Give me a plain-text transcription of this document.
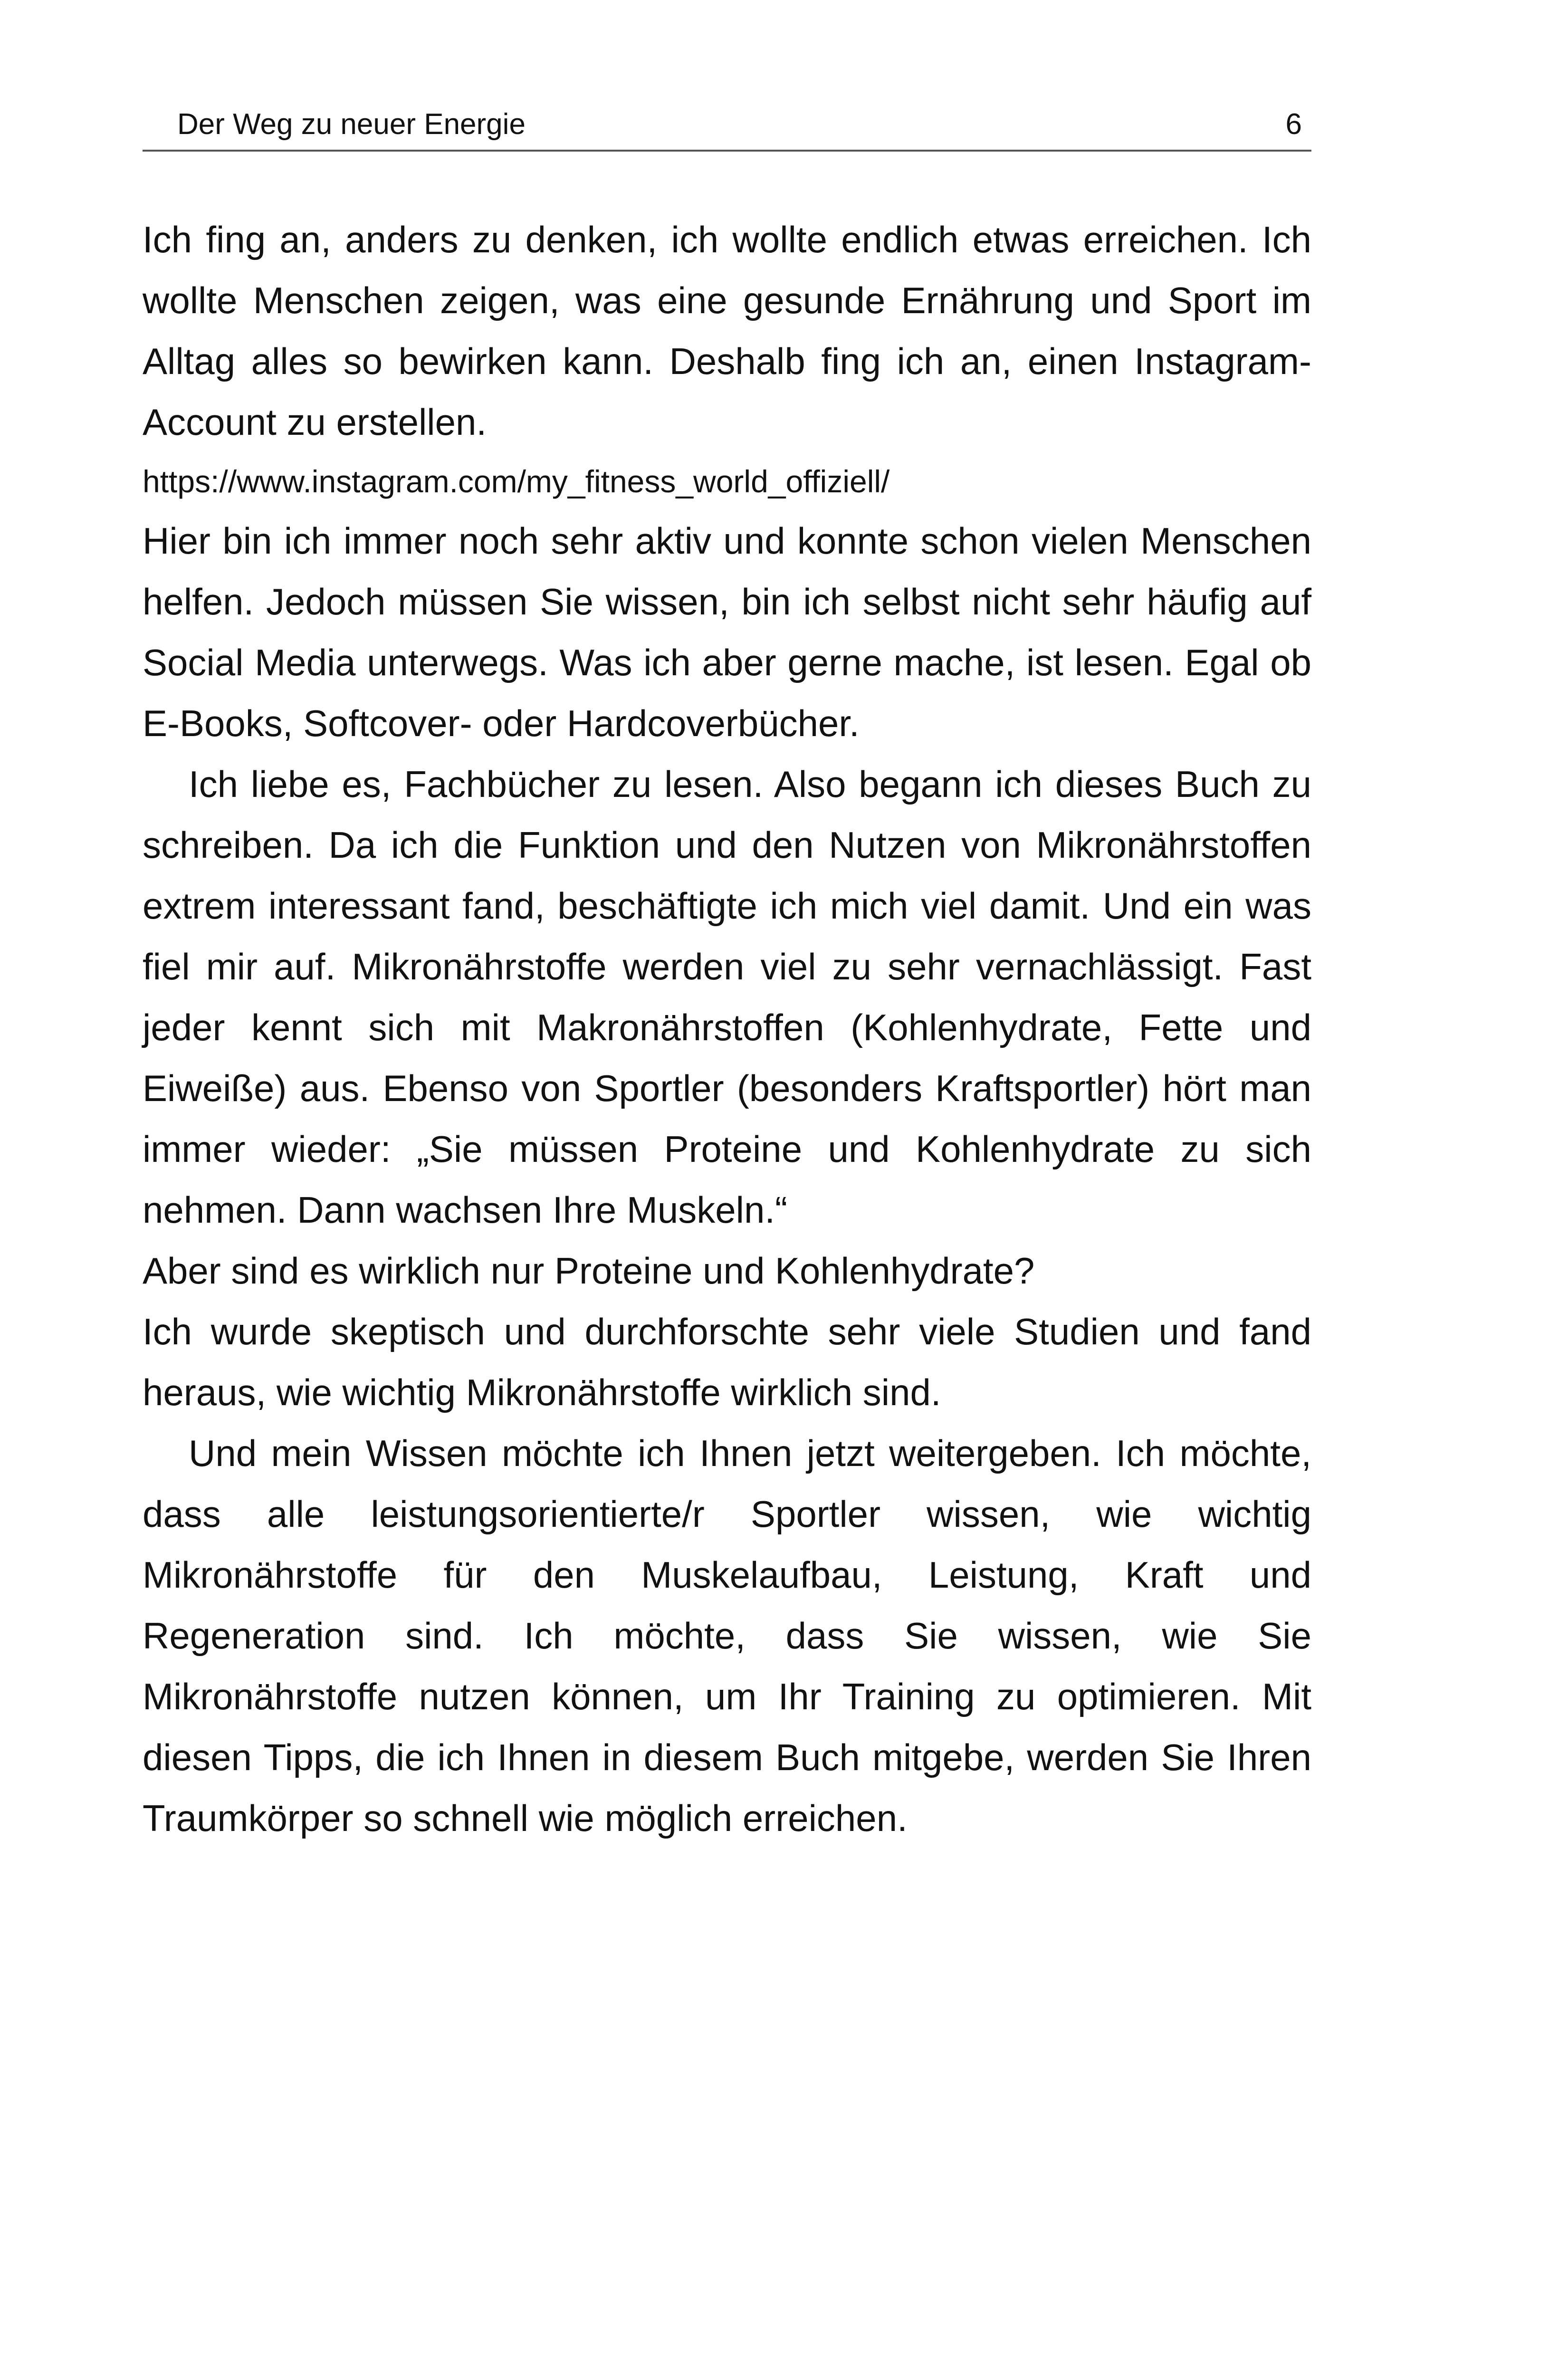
Der Weg zu neuer Energie	6

Ich fing an, anders zu denken, ich wollte endlich etwas erreichen. Ich wollte Menschen zeigen, was eine gesunde Ernährung und Sport im Alltag alles so bewirken kann. Deshalb fing ich an, einen Instagram-Account zu erstellen.

https://www.instagram.com/my_fitness_world_offiziell/

Hier bin ich immer noch sehr aktiv und konnte schon vielen Menschen helfen. Jedoch müssen Sie wissen, bin ich selbst nicht sehr häufig auf Social Media unterwegs. Was ich aber gerne mache, ist lesen. Egal ob E-Books, Softcover- oder Hardcoverbücher.

Ich liebe es, Fachbücher zu lesen. Also begann ich dieses Buch zu schreiben. Da ich die Funktion und den Nutzen von Mikronährstoffen extrem interessant fand, beschäftigte ich mich viel damit. Und ein was fiel mir auf. Mikronährstoffe werden viel zu sehr vernachlässigt. Fast jeder kennt sich mit Makronährstoffen (Kohlenhydrate, Fette und Eiweiße) aus. Ebenso von Sportler (besonders Kraftsportler) hört man immer wieder: „Sie müssen Proteine und Kohlenhydrate zu sich nehmen. Dann wachsen Ihre Muskeln.“

Aber sind es wirklich nur Proteine und Kohlenhydrate?

Ich wurde skeptisch und durchforschte sehr viele Studien und fand heraus, wie wichtig Mikronährstoffe wirklich sind.

Und mein Wissen möchte ich Ihnen jetzt weitergeben. Ich möchte, dass alle leistungsorientierte/r Sportler wissen, wie wichtig Mikronährstoffe für den Muskelaufbau, Leistung, Kraft und Regeneration sind. Ich möchte, dass Sie wissen, wie Sie Mikronährstoffe nutzen können, um Ihr Training zu optimieren. Mit diesen Tipps, die ich Ihnen in diesem Buch mitgebe, werden Sie Ihren Traumkörper so schnell wie möglich erreichen.
